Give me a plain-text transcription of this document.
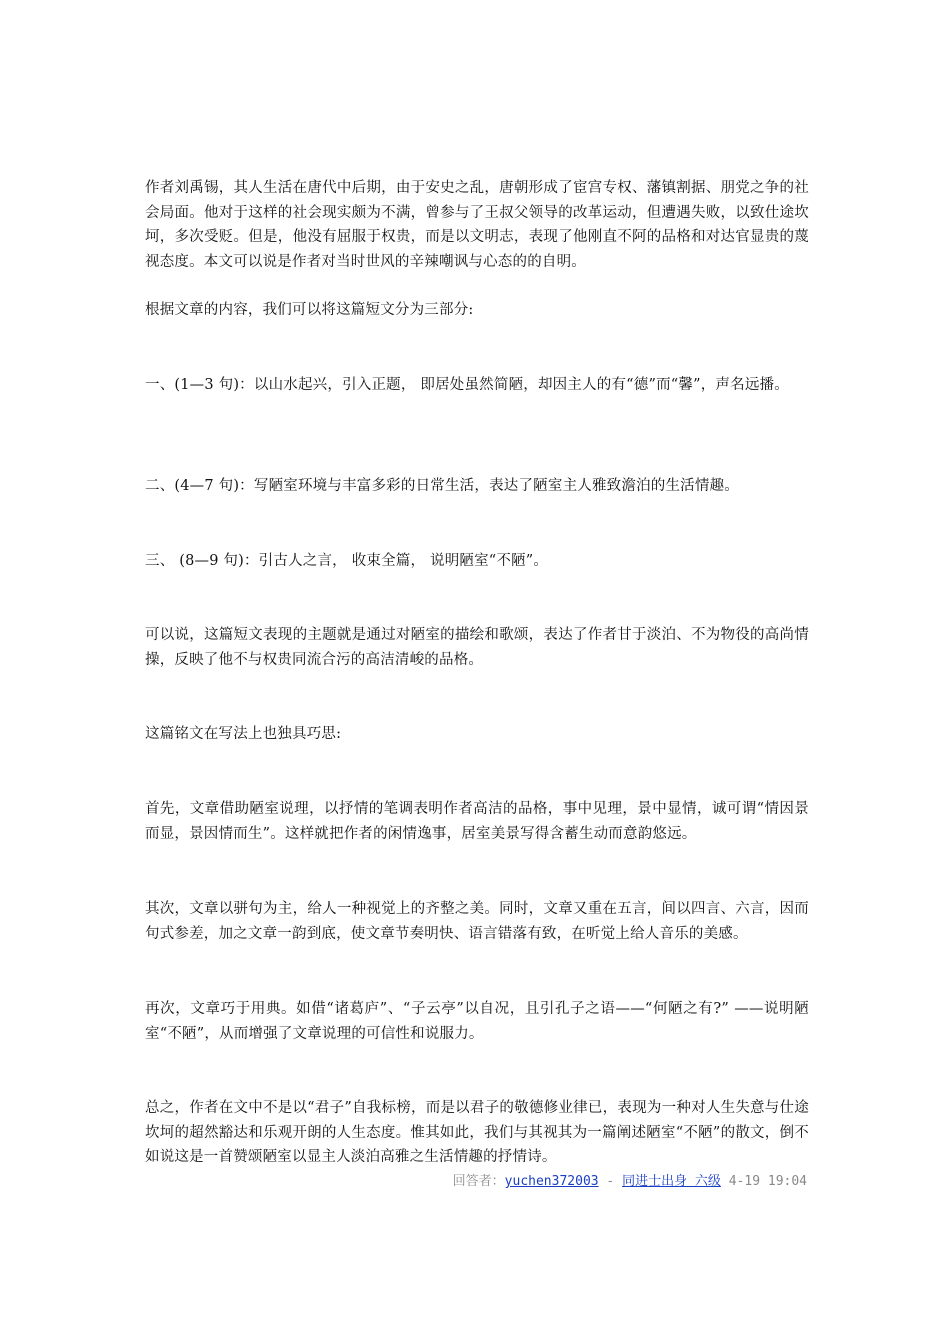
作者刘禹锡，其人生活在唐代中后期，由于安史之乱，唐朝形成了宦宫专权、藩镇割据、朋党之争的社会局面。他对于这样的社会现实颇为不满，曾参与了王叔父领导的改革运动，但遭遇失败，以致仕途坎坷，多次受贬。但是，他没有屈服于权贵，而是以文明志，表现了他刚直不阿的品格和对达官显贵的蔑视态度。本文可以说是作者对当时世风的辛辣嘲讽与心态的的自明。

根据文章的内容，我们可以将这篇短文分为三部分:

一、(1—3 句)：以山水起兴，引入正题， 即居处虽然简陋，却因主人的有“德”而“馨”，声名远播。

二、(4—7 句)：写陋室环境与丰富多彩的日常生活，表达了陋室主人雅致澹泊的生活情趣。

三、 (8—9 句)：引古人之言， 收束全篇， 说明陋室“不陋”。

可以说，这篇短文表现的主题就是通过对陋室的描绘和歌颂，表达了作者甘于淡泊、不为物役的高尚情操，反映了他不与权贵同流合污的高洁清峻的品格。

这篇铭文在写法上也独具巧思:

首先，文章借助陋室说理，以抒情的笔调表明作者高洁的品格，事中见理，景中显情，诚可谓“情因景而显，景因情而生”。这样就把作者的闲情逸事，居室美景写得含蓄生动而意韵悠远。

其次，文章以骈句为主，给人一种视觉上的齐整之美。同时，文章又重在五言，间以四言、六言，因而句式参差，加之文章一韵到底，使文章节奏明快、语言错落有致，在听觉上给人音乐的美感。

再次，文章巧于用典。如借“诸葛庐”、“子云亭”以自况，且引孔子之语——“何陋之有?” ——说明陋室“不陋”，从而增强了文章说理的可信性和说服力。

总之，作者在文中不是以“君子”自我标榜，而是以君子的敬德修业律已，表现为一种对人生失意与仕途坎坷的超然豁达和乐观开朗的人生态度。惟其如此，我们与其视其为一篇阐述陋室“不陋”的散文，倒不如说这是一首赞颂陋室以显主人淡泊高雅之生活情趣的抒情诗。

回答者：yuchen372003 - 同进士出身 六级 4-19 19:04
